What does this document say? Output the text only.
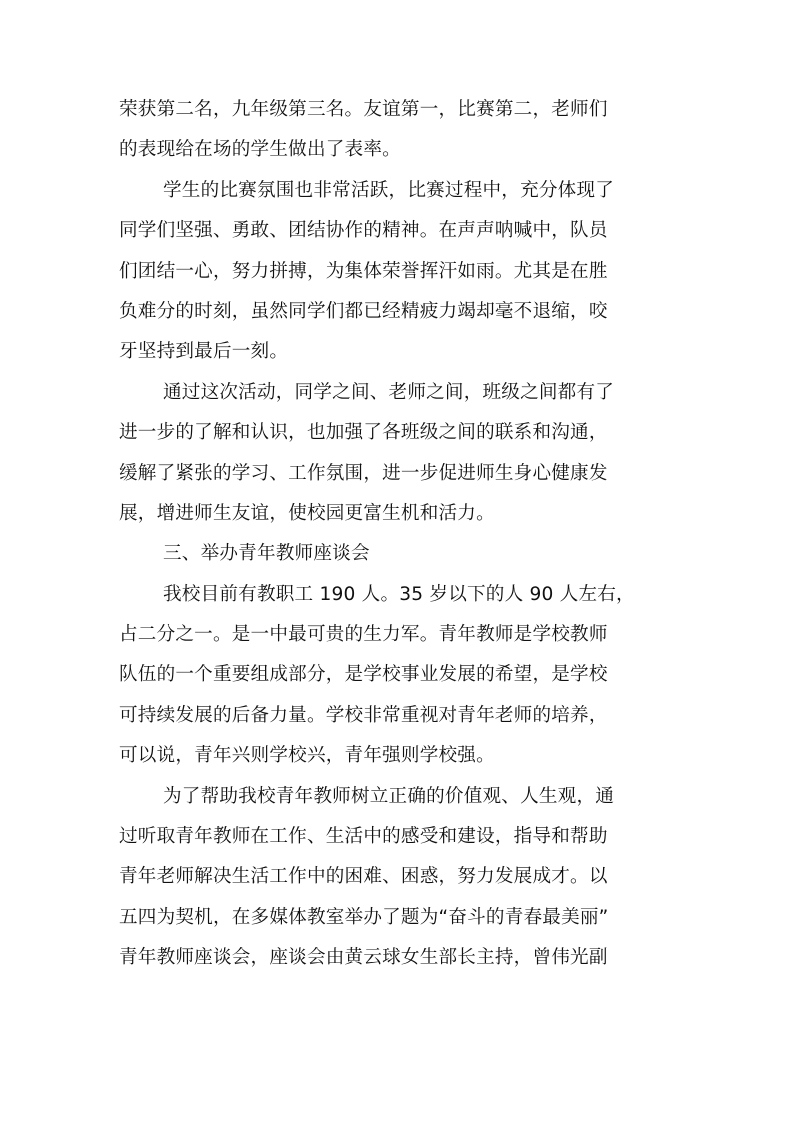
荣获第二名，九年级第三名。友谊第一，比赛第二，老师们
的表现给在场的学生做出了表率。
学生的比赛氛围也非常活跃，比赛过程中，充分体现了
同学们坚强、勇敢、团结协作的精神。在声声呐喊中，队员
们团结一心，努力拼搏，为集体荣誉挥汗如雨。尤其是在胜
负难分的时刻，虽然同学们都已经精疲力竭却毫不退缩，咬
牙坚持到最后一刻。
通过这次活动，同学之间、老师之间，班级之间都有了
进一步的了解和认识，也加强了各班级之间的联系和沟通，
缓解了紧张的学习、工作氛围，进一步促进师生身心健康发
展，增进师生友谊，使校园更富生机和活力。
三、举办青年教师座谈会
我校目前有教职工 190 人。35 岁以下的人 90 人左右，
占二分之一。是一中最可贵的生力军。青年教师是学校教师
队伍的一个重要组成部分，是学校事业发展的希望，是学校
可持续发展的后备力量。学校非常重视对青年老师的培养，
可以说，青年兴则学校兴，青年强则学校强。
为了帮助我校青年教师树立正确的价值观、人生观，通
过听取青年教师在工作、生活中的感受和建设，指导和帮助
青年老师解决生活工作中的困难、困惑，努力发展成才。以
五四为契机，在多媒体教室举办了题为“奋斗的青春最美丽”
青年教师座谈会，座谈会由黄云球女生部长主持，曾伟光副
